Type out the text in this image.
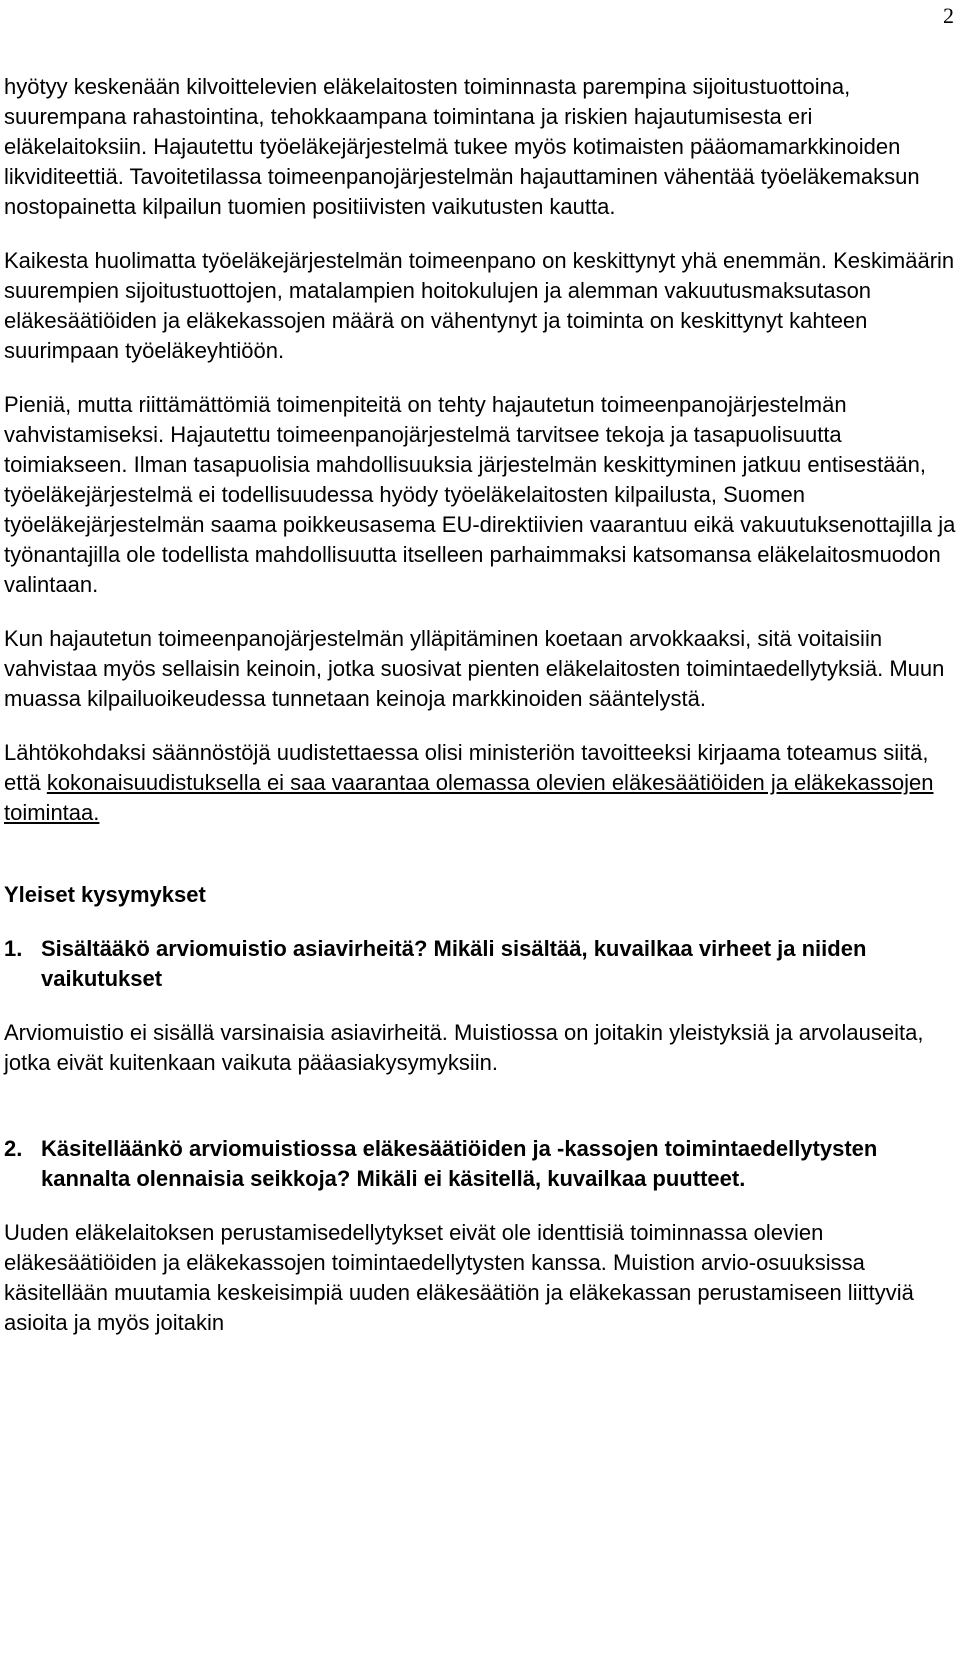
2

hyötyy keskenään kilvoittelevien eläkelaitosten toiminnasta parempina sijoitustuottoina, suurempana rahastointina, tehokkaampana toimintana ja riskien hajautumisesta eri eläkelaitoksiin. Hajautettu työeläkejärjestelmä tukee myös kotimaisten pääomamarkkinoiden likviditeettiä. Tavoitetilassa toimeenpanojärjestelmän hajauttaminen vähentää työeläkemaksun nostopainetta kilpailun tuomien positiivisten vaikutusten kautta.

Kaikesta huolimatta työeläkejärjestelmän toimeenpano on keskittynyt yhä enemmän. Keskimäärin suurempien sijoitustuottojen, matalampien hoitokulujen ja alemman vakuutusmaksutason eläkesäätiöiden ja eläkekassojen määrä on vähentynyt ja toiminta on keskittynyt kahteen suurimpaan työeläkeyhtiöön.

Pieniä, mutta riittämättömiä toimenpiteitä on tehty hajautetun toimeenpanojärjestelmän vahvistamiseksi. Hajautettu toimeenpanojärjestelmä tarvitsee tekoja ja tasapuolisuutta toimiakseen. Ilman tasapuolisia mahdollisuuksia järjestelmän keskittyminen jatkuu entisestään, työeläkejärjestelmä ei todellisuudessa hyödy työeläkelaitosten kilpailusta, Suomen työeläkejärjestelmän saama poikkeusasema EU-direktiivien vaarantuu eikä vakuutuksenottajilla ja työnantajilla ole todellista mahdollisuutta itselleen parhaimmaksi katsomansa eläkelaitosmuodon valintaan.

Kun hajautetun toimeenpanojärjestelmän ylläpitäminen koetaan arvokkaaksi, sitä voitaisiin vahvistaa myös sellaisin keinoin, jotka suosivat pienten eläkelaitosten toimintaedellytyksiä. Muun muassa kilpailuoikeudessa tunnetaan keinoja markkinoiden sääntelystä.

Lähtökohdaksi säännöstöjä uudistettaessa olisi ministeriön tavoitteeksi kirjaama toteamus siitä, että kokonaisuudistuksella ei saa vaarantaa olemassa olevien eläkesäätiöiden ja eläkekassojen toimintaa.

Yleiset kysymykset
1. Sisältääkö arviomuistio asiavirheitä? Mikäli sisältää, kuvailkaa virheet ja niiden vaikutukset

Arviomuistio ei sisällä varsinaisia asiavirheitä. Muistiossa on joitakin yleistyksiä ja arvolauseita, jotka eivät kuitenkaan vaikuta pääasiakysymyksiin.

2. Käsitelläänkö arviomuistiossa eläkesäätiöiden ja -kassojen toimintaedellytysten kannalta olennaisia seikkoja? Mikäli ei käsitellä, kuvailkaa puutteet.

Uuden eläkelaitoksen perustamisedellytykset eivät ole identtisiä toiminnassa olevien eläkesäätiöiden ja eläkekassojen toimintaedellytysten kanssa. Muistion arvio-osuuksissa käsitellään muutamia keskeisimpiä uuden eläkesäätiön ja eläkekassan perustamiseen liittyviä asioita ja myös joitakin
